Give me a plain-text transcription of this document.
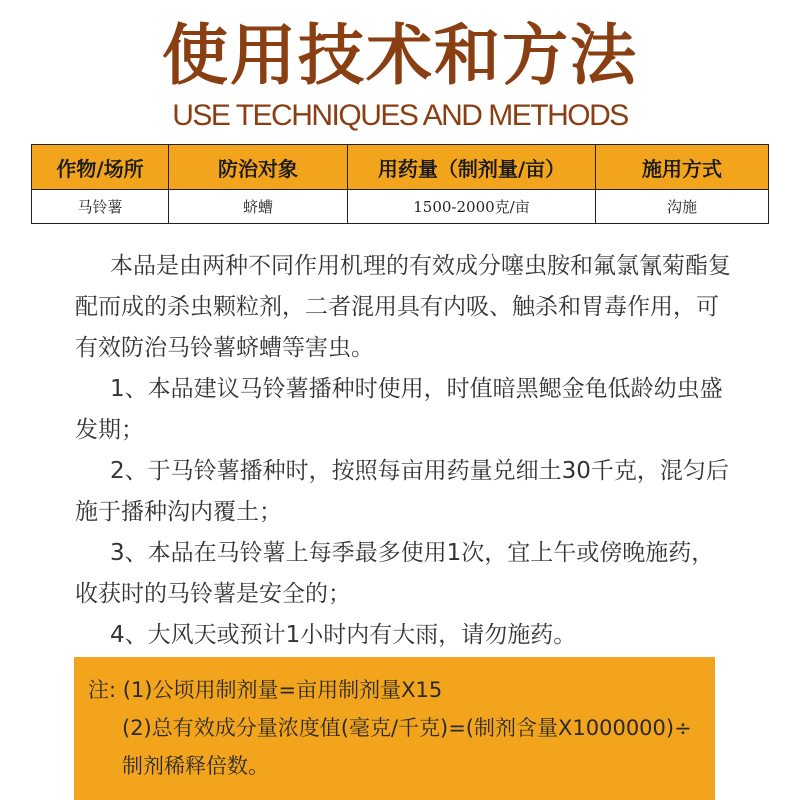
使用技术和方法
USE TECHNIQUES AND METHODS
作物/场所	防治对象	用药量（制剂量/亩）	施用方式
马铃薯	蛴螬	1500-2000克/亩	沟施

本品是由两种不同作用机理的有效成分噻虫胺和氟氯氰菊酯复配而成的杀虫颗粒剂，二者混用具有内吸、触杀和胃毒作用，可有效防治马铃薯蛴螬等害虫。

1、本品建议马铃薯播种时使用，时值暗黑鳃金龟低龄幼虫盛发期；

2、于马铃薯播种时，按照每亩用药量兑细土30千克，混匀后施于播种沟内覆土；

3、本品在马铃薯上每季最多使用1次，宜上午或傍晚施药，收获时的马铃薯是安全的；

4、大风天或预计1小时内有大雨，请勿施药。

注: (1)公顷用制剂量=亩用制剂量X15
(2)总有效成分量浓度值(毫克/千克)=(制剂含量X1000000)÷
制剂稀释倍数。
